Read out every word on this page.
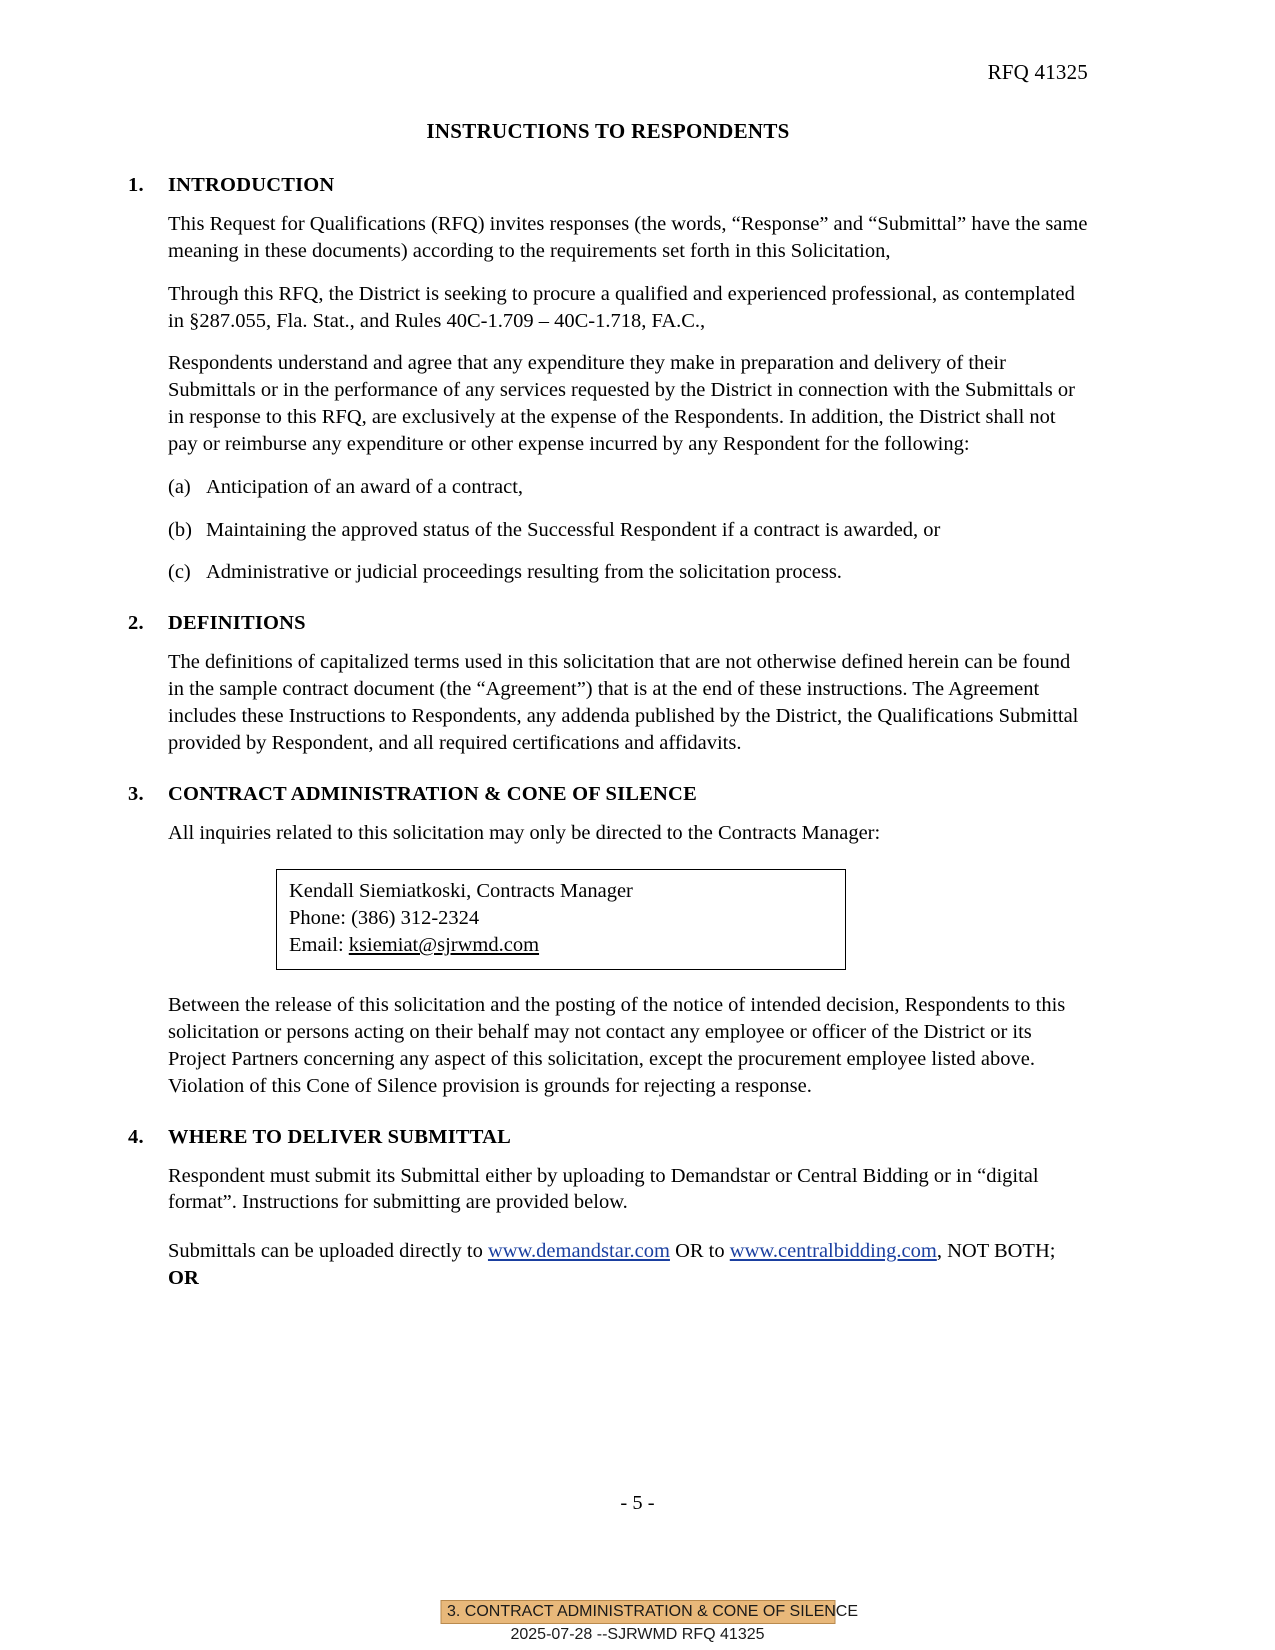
RFQ 41325
INSTRUCTIONS TO RESPONDENTS
1.	INTRODUCTION

This Request for Qualifications (RFQ) invites responses (the words, “Response” and “Submittal” have the same meaning in these documents) according to the requirements set forth in this Solicitation,

Through this RFQ, the District is seeking to procure a qualified and experienced professional, as contemplated in §287.055, Fla. Stat., and Rules 40C-1.709 – 40C-1.718, FA.C.,

Respondents understand and agree that any expenditure they make in preparation and delivery of their Submittals or in the performance of any services requested by the District in connection with the Submittals or in response to this RFQ, are exclusively at the expense of the Respondents. In addition, the District shall not pay or reimburse any expenditure or other expense incurred by any Respondent for the following:

(a) Anticipation of an award of a contract,
(b) Maintaining the approved status of the Successful Respondent if a contract is awarded, or
(c) Administrative or judicial proceedings resulting from the solicitation process.
2.	DEFINITIONS

The definitions of capitalized terms used in this solicitation that are not otherwise defined herein can be found in the sample contract document (the “Agreement”) that is at the end of these instructions. The Agreement includes these Instructions to Respondents, any addenda published by the District, the Qualifications Submittal provided by Respondent, and all required certifications and affidavits.

3.	CONTRACT ADMINISTRATION & CONE OF SILENCE

All inquiries related to this solicitation may only be directed to the Contracts Manager:

Kendall Siemiatkoski, Contracts Manager
Phone: (386) 312-2324
Email: ksiemiat@sjrwmd.com

Between the release of this solicitation and the posting of the notice of intended decision, Respondents to this solicitation or persons acting on their behalf may not contact any employee or officer of the District or its Project Partners concerning any aspect of this solicitation, except the procurement employee listed above. Violation of this Cone of Silence provision is grounds for rejecting a response.

4.	WHERE TO DELIVER SUBMITTAL

Respondent must submit its Submittal either by uploading to Demandstar or Central Bidding or in “digital format”. Instructions for submitting are provided below.

Submittals can be uploaded directly to www.demandstar.com OR to www.centralbidding.com, NOT BOTH; OR

- 5 -
3. CONTRACT ADMINISTRATION & CONE OF SILENCE
2025-07-28 --SJRWMD RFQ 41325
